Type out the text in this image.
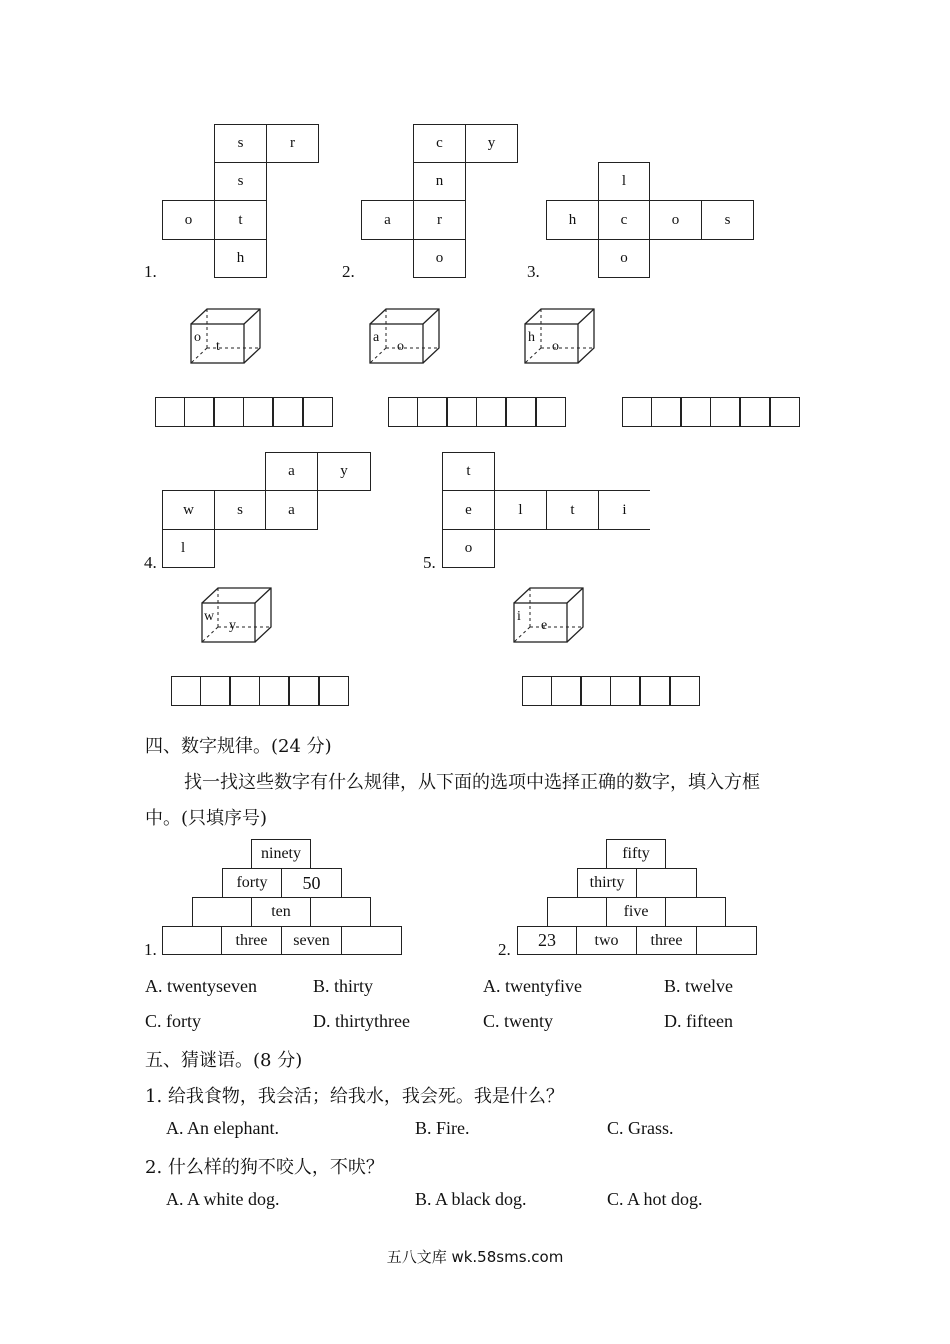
1.
s	r
s
o	t
h
2.
c	y
n
a	r
o
3.
l
h	c	o	s
o
o
t
a
o
h
o
4.
a	y
w	s	a
l
5.
t
e	l	t	i
o
w
y
i
e
四、数字规律。(24 分)
找一找这些数字有什么规律，从下面的选项中选择正确的数字，填入方框
中。(只填序号)
1.
ninety
forty	50
ten
three	seven	2.
fifty
thirty
five
23	two	three
A. twentyseven	B. thirty	A. twentyfive	B. twelve
C. forty	D. thirtythree	C. twenty	D. fifteen
五、猜谜语。(8 分)
1. 给我食物，我会活；给我水，我会死。我是什么？
A. An elephant.	B. Fire.	C. Grass.
2. 什么样的狗不咬人，不吠？
A. A white dog.	B. A black dog.	C. A hot dog.
五八文库 wk.58sms.com
